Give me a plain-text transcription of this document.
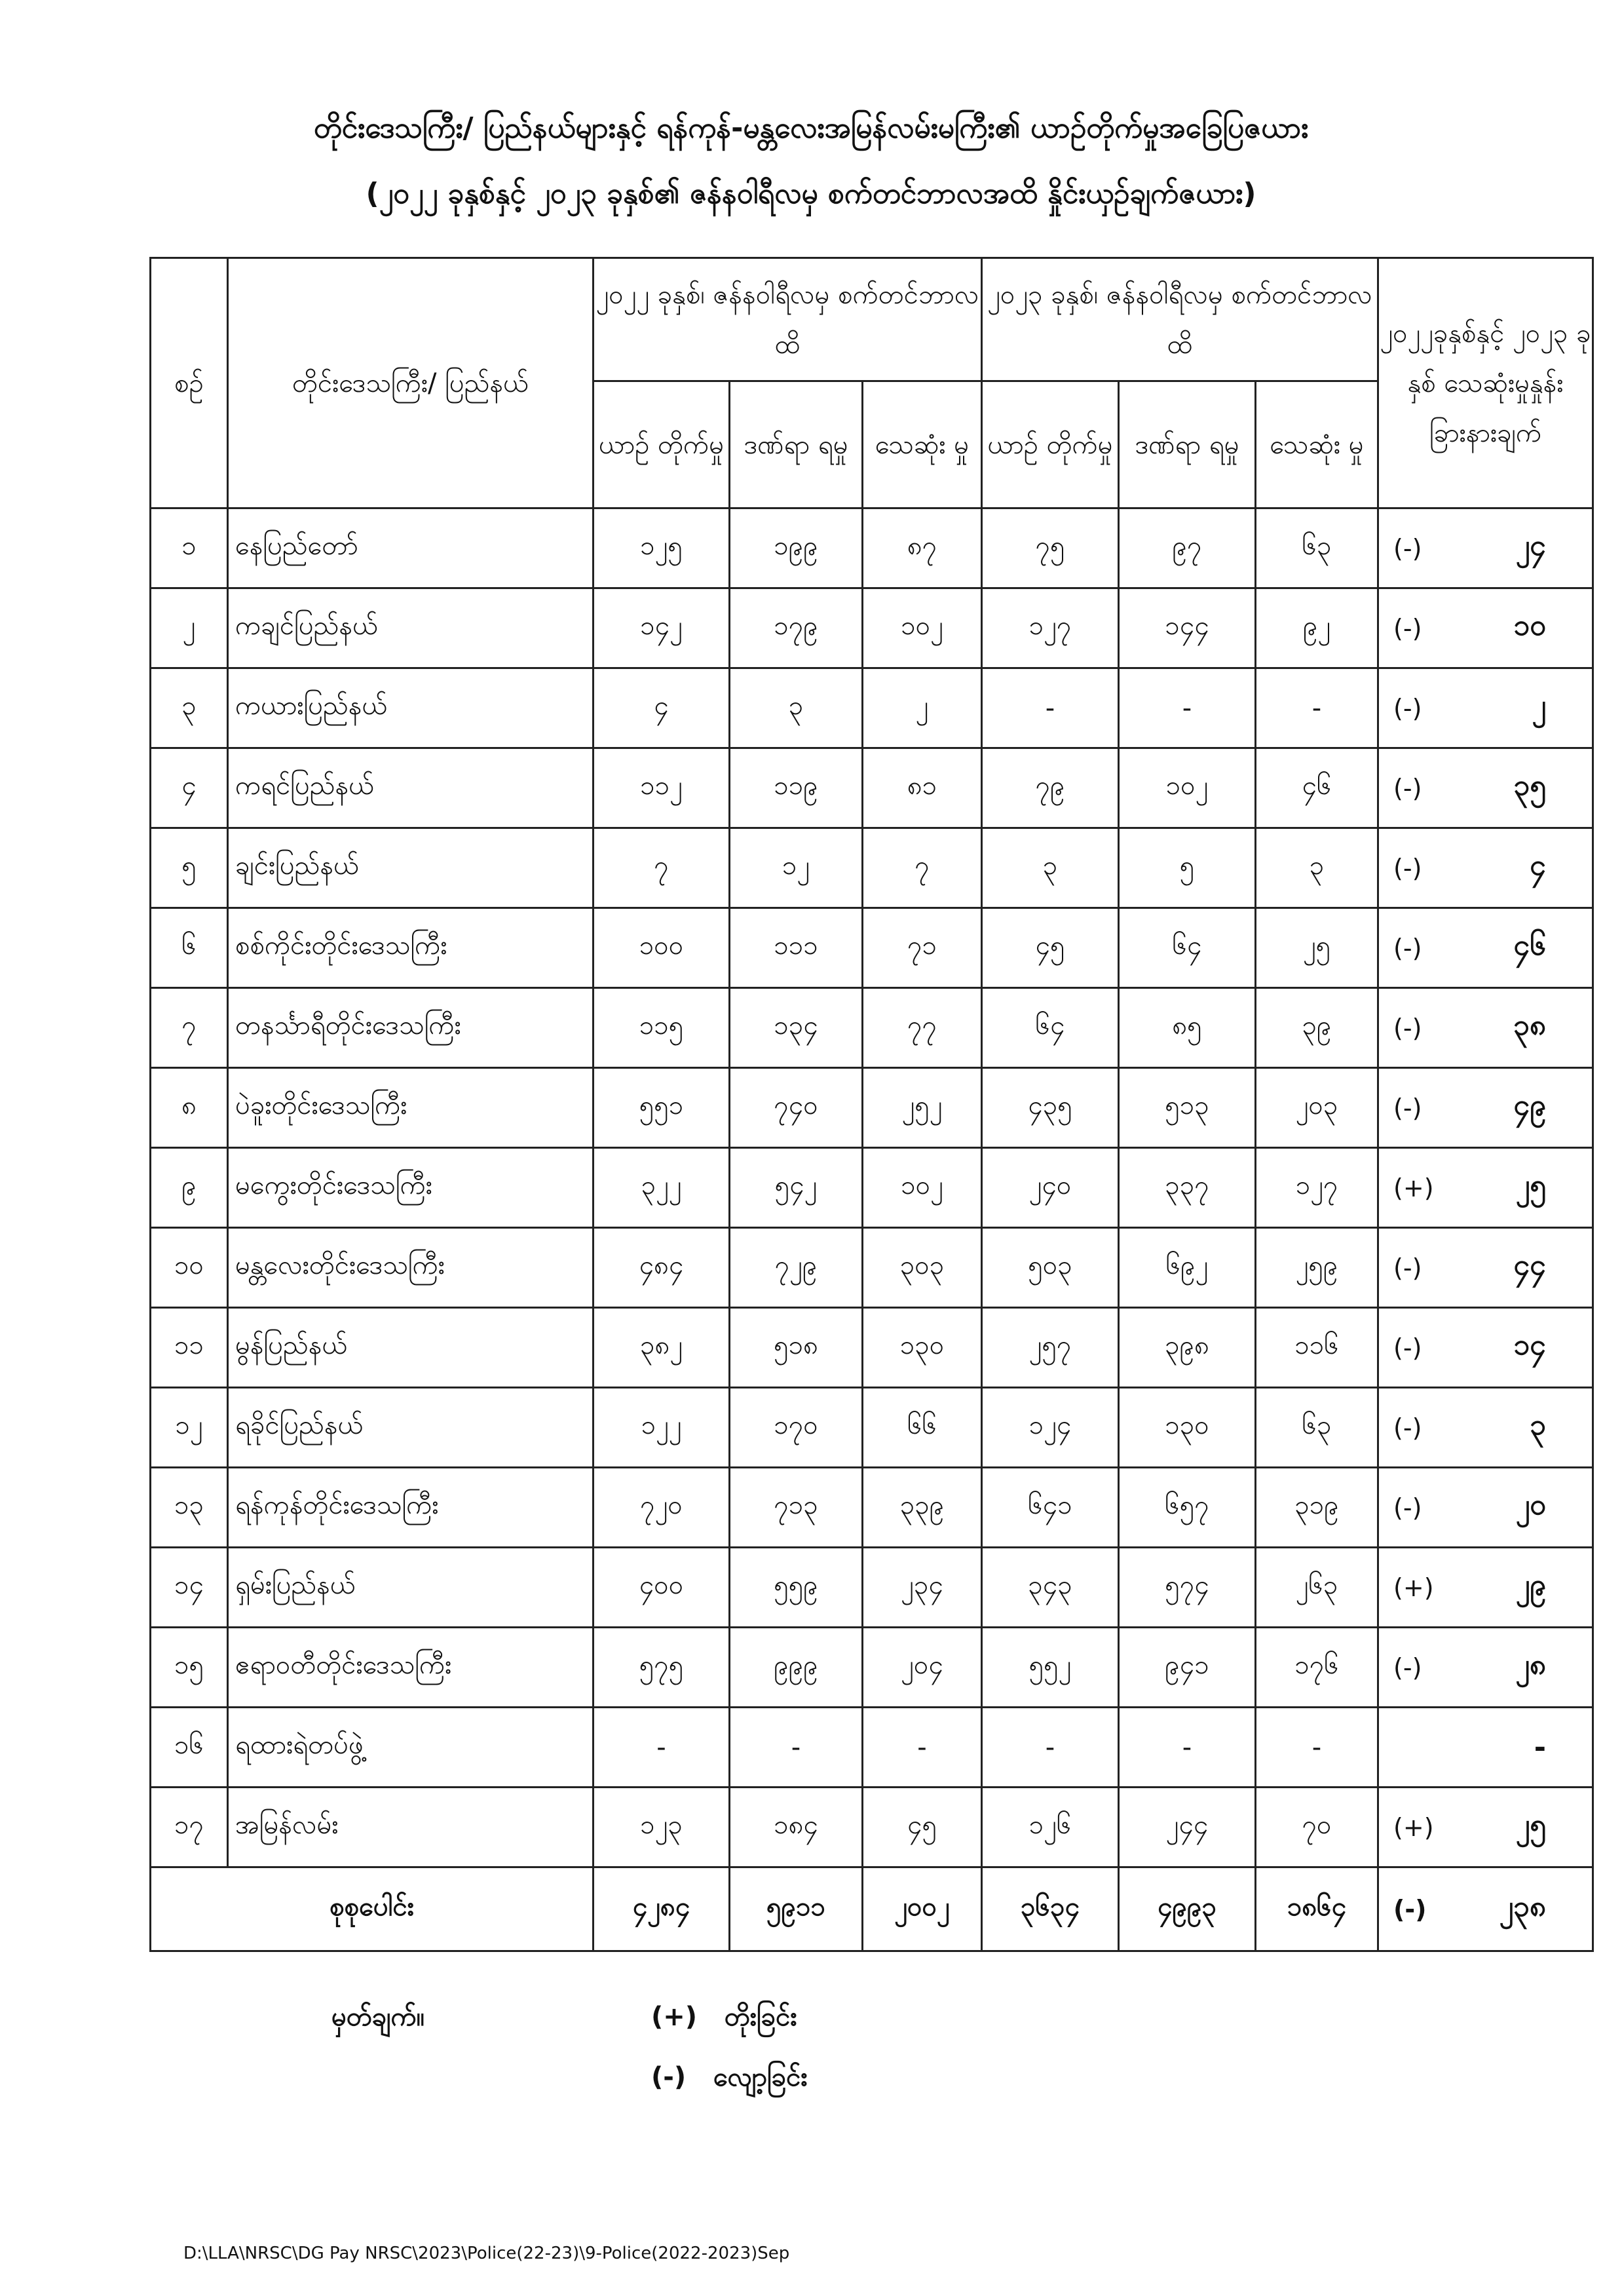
တိုင်းဒေသကြီး/ ပြည်နယ်များနှင့် ရန်ကုန်-မန္တလေးအမြန်လမ်းမကြီး၏ ယာဉ်တိုက်မှုအခြေပြဇယား
(၂၀၂၂ ခုနှစ်နှင့် ၂၀၂၃ ခုနှစ်၏ ဇန်နဝါရီလမှ စက်တင်ဘာလအထိ နှိုင်းယှဉ်ချက်ဇယား)
စဉ်	တိုင်းဒေသကြီး/ ပြည်နယ်	၂၀၂၂ ခုနှစ်၊ ဇန်နဝါရီလမှ စက်တင်ဘာလထိ			၂၀၂၃ ခုနှစ်၊ ဇန်နဝါရီလမှ စက်တင်ဘာလထိ			၂၀၂၂ခုနှစ်နှင့် ၂၀၂၃ ခုနှစ် သေဆုံးမှုနှုန်း ခြားနားချက်
		ယာဉ် တိုက်မှု	ဒဏ်ရာ ရမှု	သေဆုံး မှု	ယာဉ် တိုက်မှု	ဒဏ်ရာ ရမှု	သေဆုံး မှု	
၁	နေပြည်တော်	၁၂၅	၁၉၉	၈၇	၇၅	၉၇	၆၃	(-) ၂၄

၂	ကချင်ပြည်နယ်	၁၄၂	၁၇၉	၁၀၂	၁၂၇	၁၄၄	၉၂	(-) ၁၀

၃	ကယားပြည်နယ်	၄	၃	၂	-	-	-	(-) ၂

၄	ကရင်ပြည်နယ်	၁၁၂	၁၁၉	၈၁	၇၉	၁၀၂	၄၆	(-) ၃၅

၅	ချင်းပြည်နယ်	၇	၁၂	၇	၃	၅	၃	(-) ၄

၆	စစ်ကိုင်းတိုင်းဒေသကြီး	၁၀၀	၁၁၁	၇၁	၄၅	၆၄	၂၅	(-) ၄၆

၇	တနင်္သာရီတိုင်းဒေသကြီး	၁၁၅	၁၃၄	၇၇	၆၄	၈၅	၃၉	(-) ၃၈

၈	ပဲခူးတိုင်းဒေသကြီး	၅၅၁	၇၄၀	၂၅၂	၄၃၅	၅၁၃	၂၀၃	(-) ၄၉

၉	မကွေးတိုင်းဒေသကြီး	၃၂၂	၅၄၂	၁၀၂	၂၄၀	၃၃၇	၁၂၇	(+) ၂၅

၁၀	မန္တလေးတိုင်းဒေသကြီး	၄၈၄	၇၂၉	၃၀၃	၅၀၃	၆၉၂	၂၅၉	(-) ၄၄

၁၁	မွန်ပြည်နယ်	၃၈၂	၅၁၈	၁၃၀	၂၅၇	၃၉၈	၁၁၆	(-) ၁၄

၁၂	ရခိုင်ပြည်နယ်	၁၂၂	၁၇၀	၆၆	၁၂၄	၁၃၀	၆၃	(-) ၃

၁၃	ရန်ကုန်တိုင်းဒေသကြီး	၇၂၀	၇၁၃	၃၃၉	၆၄၁	၆၅၇	၃၁၉	(-) ၂၀

၁၄	ရှမ်းပြည်နယ်	၄၀၀	၅၅၉	၂၃၄	၃၄၃	၅၇၄	၂၆၃	(+) ၂၉

၁၅	ဧရာဝတီတိုင်းဒေသကြီး	၅၇၅	၉၉၉	၂၀၄	၅၅၂	၉၄၁	၁၇၆	(-) ၂၈

၁၆	ရထားရဲတပ်ဖွဲ့	-	-	-	-	-	-	-

၁၇	အမြန်လမ်း	၁၂၃	၁၈၄	၄၅	၁၂၆	၂၄၄	၇၀	(+) ၂၅

စုစုပေါင်း		၄၂၈၄	၅၉၁၁	၂၀၀၂	၃၆၃၄	၄၉၉၃	၁၈၆၄	(-) ၂၃၈
မှတ်ချက်။	(+) တိုးခြင်း
(-) လျော့ခြင်း
D:\LLA\NRSC\DG Pay NRSC\2023\Police(22-23)\9-Police(2022-2023)Sep
